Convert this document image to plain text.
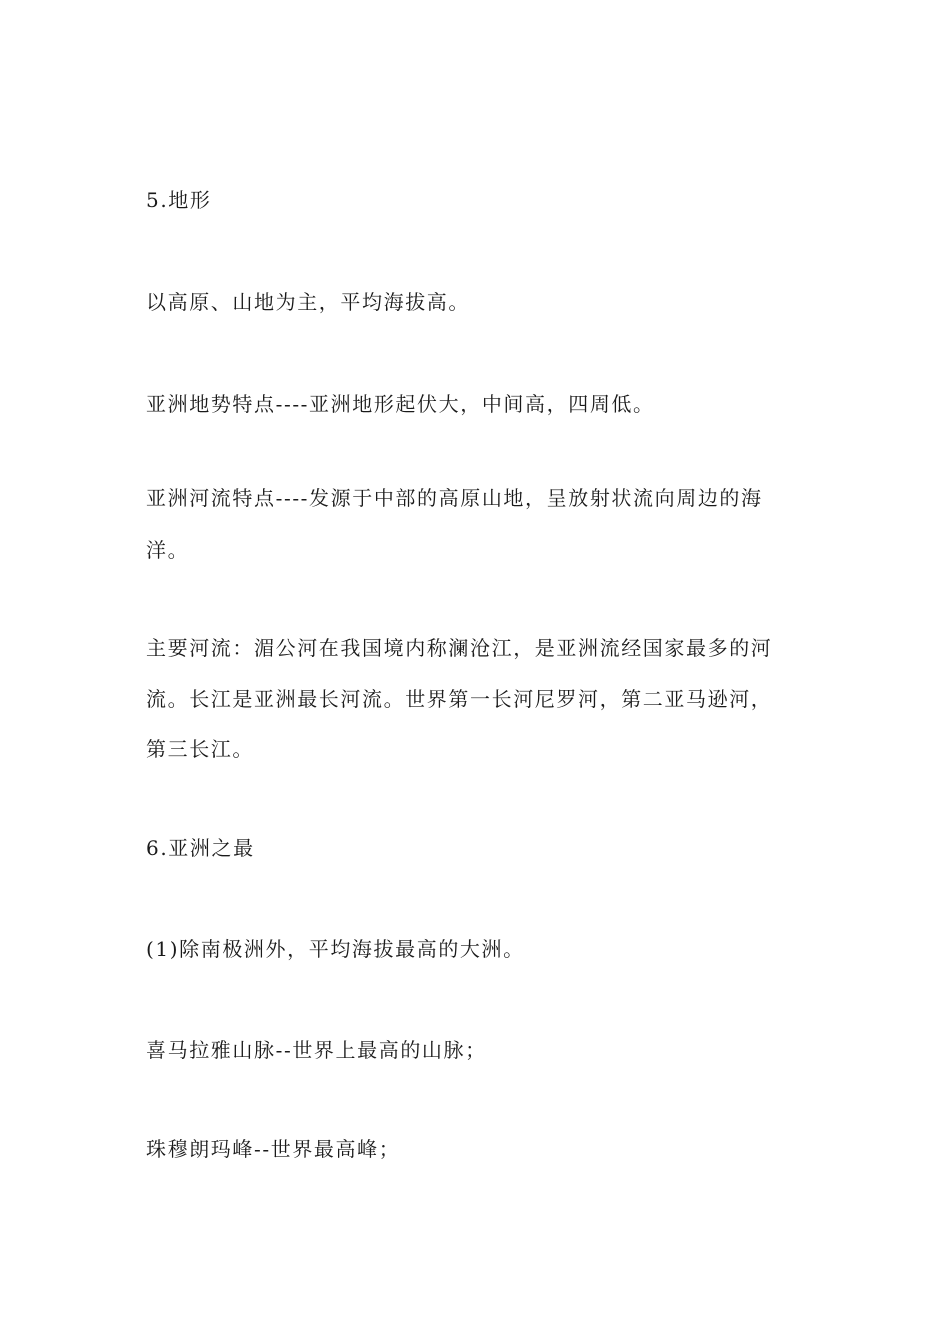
5.地形

以高原、山地为主，平均海拔高。

亚洲地势特点----亚洲地形起伏大，中间高，四周低。

亚洲河流特点----发源于中部的高原山地，呈放射状流向周边的海

洋。

主要河流：湄公河在我国境内称澜沧江，是亚洲流经国家最多的河

流。长江是亚洲最长河流。世界第一长河尼罗河，第二亚马逊河，

第三长江。

6.亚洲之最

(1)除南极洲外，平均海拔最高的大洲。

喜马拉雅山脉--世界上最高的山脉；

珠穆朗玛峰--世界最高峰；
